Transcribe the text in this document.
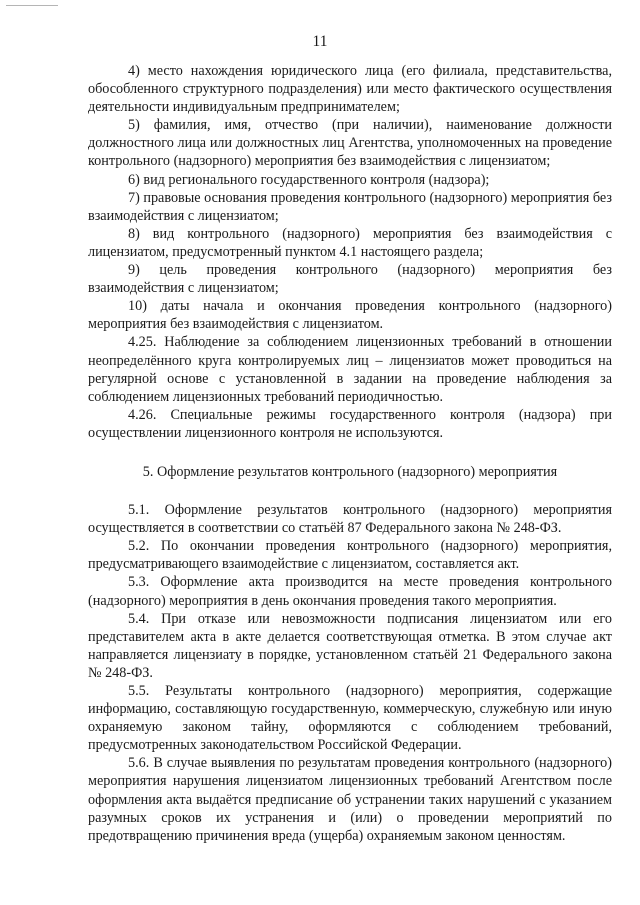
11

4) место нахождения юридического лица (его филиала, представительства, обособленного структурного подразделения) или место фактического осуществления деятельности индивидуальным предпринимателем;

5) фамилия, имя, отчество (при наличии), наименование должности должностного лица или должностных лиц Агентства, уполномоченных на проведение контрольного (надзорного) мероприятия без взаимодействия с лицензиатом;

6) вид регионального государственного контроля (надзора);

7) правовые основания проведения контрольного (надзорного) мероприятия без взаимодействия с лицензиатом;

8) вид контрольного (надзорного) мероприятия без взаимодействия с лицензиатом, предусмотренный пунктом 4.1 настоящего раздела;

9) цель проведения контрольного (надзорного) мероприятия без взаимодействия с лицензиатом;

10) даты начала и окончания проведения контрольного (надзорного) мероприятия без взаимодействия с лицензиатом.

4.25. Наблюдение за соблюдением лицензионных требований в отношении неопределённого круга контролируемых лиц – лицензиатов может проводиться на регулярной основе с установленной в задании на проведение наблюдения за соблюдением лицензионных требований периодичностью.

4.26. Специальные режимы государственного контроля (надзора) при осуществлении лицензионного контроля не используются.

5. Оформление результатов контрольного (надзорного) мероприятия

5.1. Оформление результатов контрольного (надзорного) мероприятия осуществляется в соответствии со статьёй 87 Федерального закона № 248-ФЗ.

5.2. По окончании проведения контрольного (надзорного) мероприятия, предусматривающего взаимодействие с лицензиатом, составляется акт.

5.3. Оформление акта производится на месте проведения контрольного (надзорного) мероприятия в день окончания проведения такого мероприятия.

5.4. При отказе или невозможности подписания лицензиатом или его представителем акта в акте делается соответствующая отметка. В этом случае акт направляется лицензиату в порядке, установленном статьёй 21 Федерального закона № 248-ФЗ.

5.5. Результаты контрольного (надзорного) мероприятия, содержащие информацию, составляющую государственную, коммерческую, служебную или иную охраняемую законом тайну, оформляются с соблюдением требований, предусмотренных законодательством Российской Федерации.

5.6. В случае выявления по результатам проведения контрольного (надзорного) мероприятия нарушения лицензиатом лицензионных требований Агентством после оформления акта выдаётся предписание об устранении таких нарушений с указанием разумных сроков их устранения и (или) о проведении мероприятий по предотвращению причинения вреда (ущерба) охраняемым законом ценностям.
